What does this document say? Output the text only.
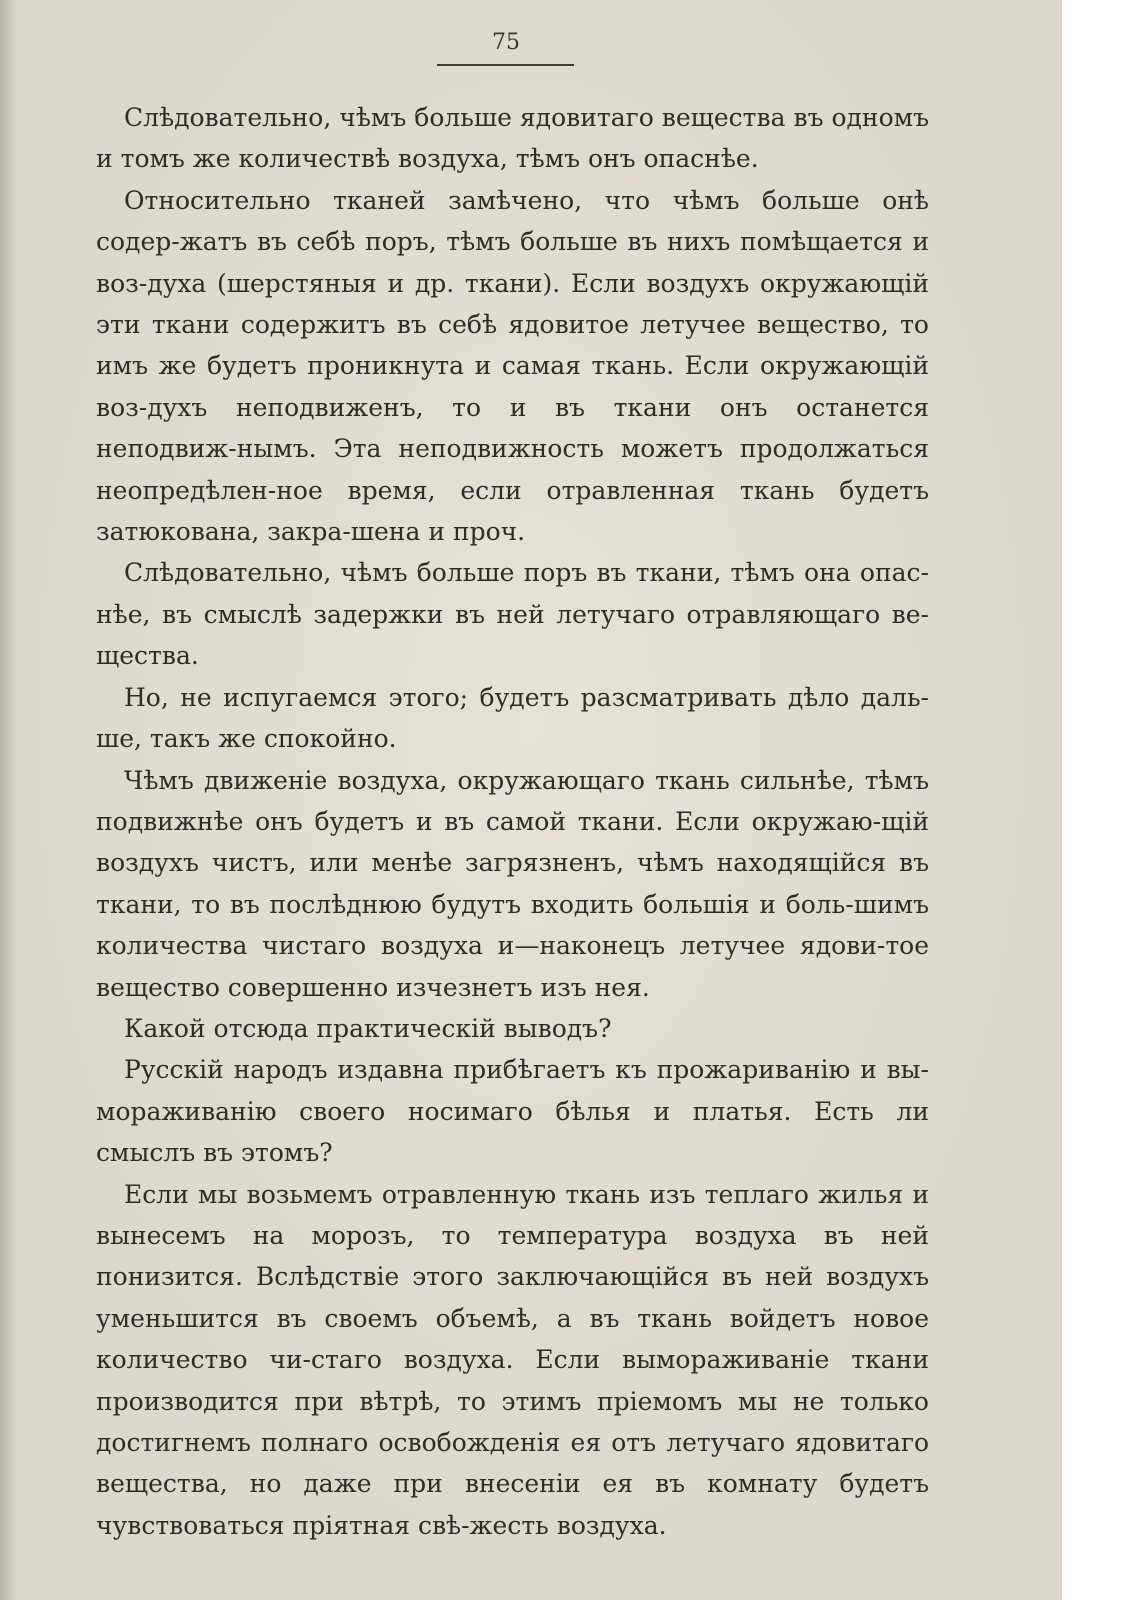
75

Слѣдовательно, чѣмъ больше ядовитаго вещества въ одномъ и томъ же количествѣ воздуха, тѣмъ онъ опаснѣе.

Относительно тканей замѣчено, что чѣмъ больше онѣ содер-жатъ въ себѣ поръ, тѣмъ больше въ нихъ помѣщается и воз-духа (шерстяныя и др. ткани). Если воздухъ окружающій эти ткани содержитъ въ себѣ ядовитое летучее вещество, то имъ же будетъ проникнута и самая ткань. Если окружающій воз-духъ неподвиженъ, то и въ ткани онъ останется неподвиж-нымъ. Эта неподвижность можетъ продолжаться неопредѣлен-ное время, если отравленная ткань будетъ затюкована, закра-шена и проч.

Слѣдовательно, чѣмъ больше поръ въ ткани, тѣмъ она опас-нѣе, въ смыслѣ задержки въ ней летучаго отравляющаго ве-щества.

Но, не испугаемся этого; будетъ разсматривать дѣло даль-ше, такъ же спокойно.

Чѣмъ движеніе воздуха, окружающаго ткань сильнѣе, тѣмъ подвижнѣе онъ будетъ и въ самой ткани. Если окружаю-щій воздухъ чистъ, или менѣе загрязненъ, чѣмъ находящійся въ ткани, то въ послѣднюю будутъ входить большія и боль-шимъ количества чистаго воздуха и—наконецъ летучее ядови-тое вещество совершенно изчезнетъ изъ нея.

Какой отсюда практическій выводъ?

Русскій народъ издавна прибѣгаетъ къ прожариванію и вы-мораживанію своего носимаго бѣлья и платья. Есть ли смыслъ въ этомъ?

Если мы возьмемъ отравленную ткань изъ теплаго жилья и вынесемъ на морозъ, то температура воздуха въ ней понизится. Вслѣдствіе этого заключающійся въ ней воздухъ уменьшится въ своемъ объемѣ, а въ ткань войдетъ новое количество чи-стаго воздуха. Если вымораживаніе ткани производится при вѣтрѣ, то этимъ пріемомъ мы не только достигнемъ полнаго освобожденія ея отъ летучаго ядовитаго вещества, но даже при внесеніи ея въ комнату будетъ чувствоваться пріятная свѣ-жесть воздуха.
